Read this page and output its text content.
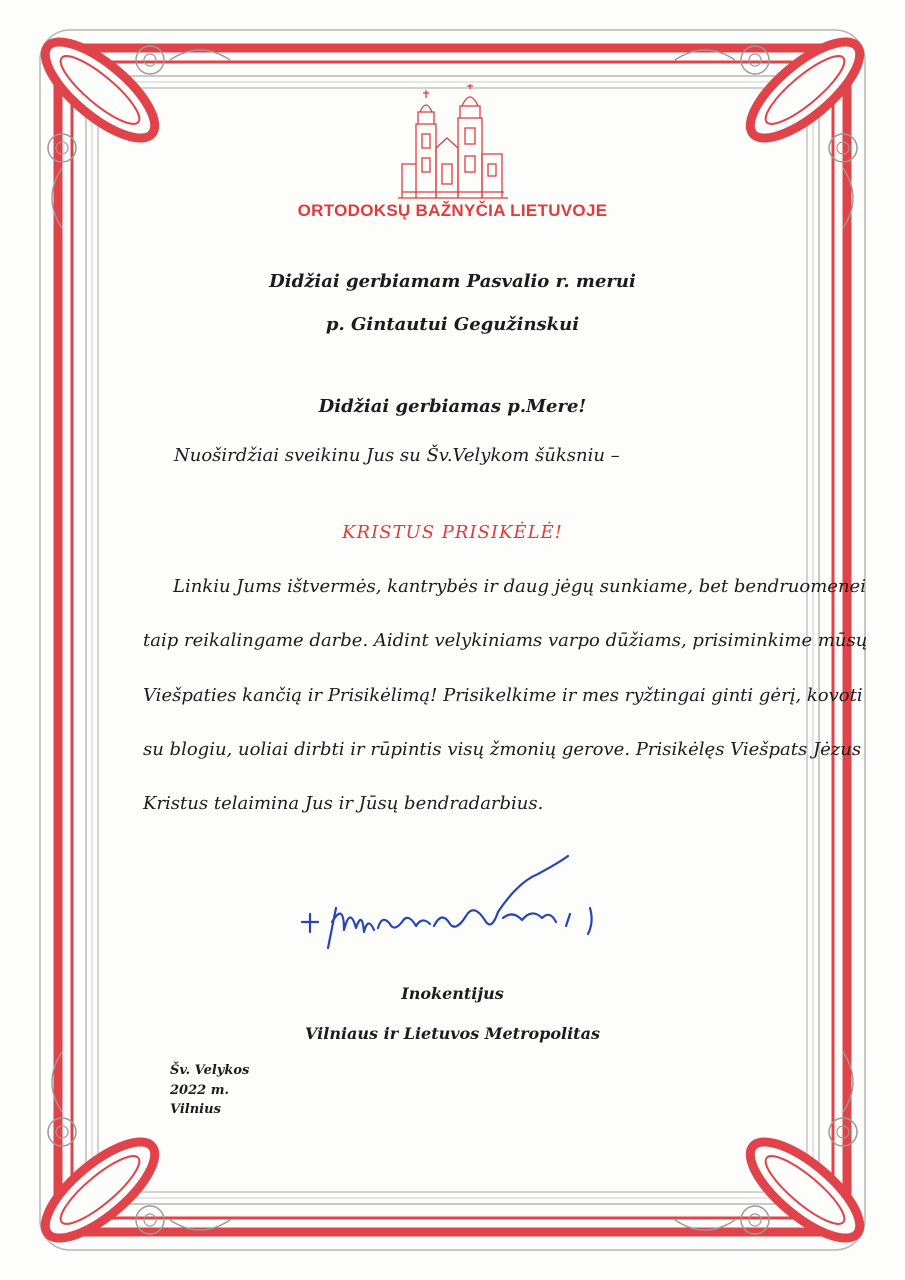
ORTODOKSŲ BAŽNYČIA LIETUVOJE
Didžiai gerbiamam Pasvalio r. merui
p. Gintautui Gegužinskui
Didžiai gerbiamas p.Mere!
Nuoširdžiai sveikinu Jus su Šv.Velykom šūksniu –
KRISTUS PRISIKĖLĖ!
Linkiu Jums ištvermės, kantrybės ir daug jėgų sunkiame, bet bendruomenei
taip reikalingame darbe. Aidint velykiniams varpo dūžiams, prisiminkime mūsų
Viešpaties kančią ir Prisikėlimą! Prisikelkime ir mes ryžtingai ginti gėrį, kovoti
su blogiu, uoliai dirbti ir rūpintis visų žmonių gerove. Prisikėlęs Viešpats Jėzus
Kristus telaimina Jus ir Jūsų bendradarbius.
Inokentijus
Vilniaus ir Lietuvos Metropolitas
Šv. Velykos
2022 m.
Vilnius
